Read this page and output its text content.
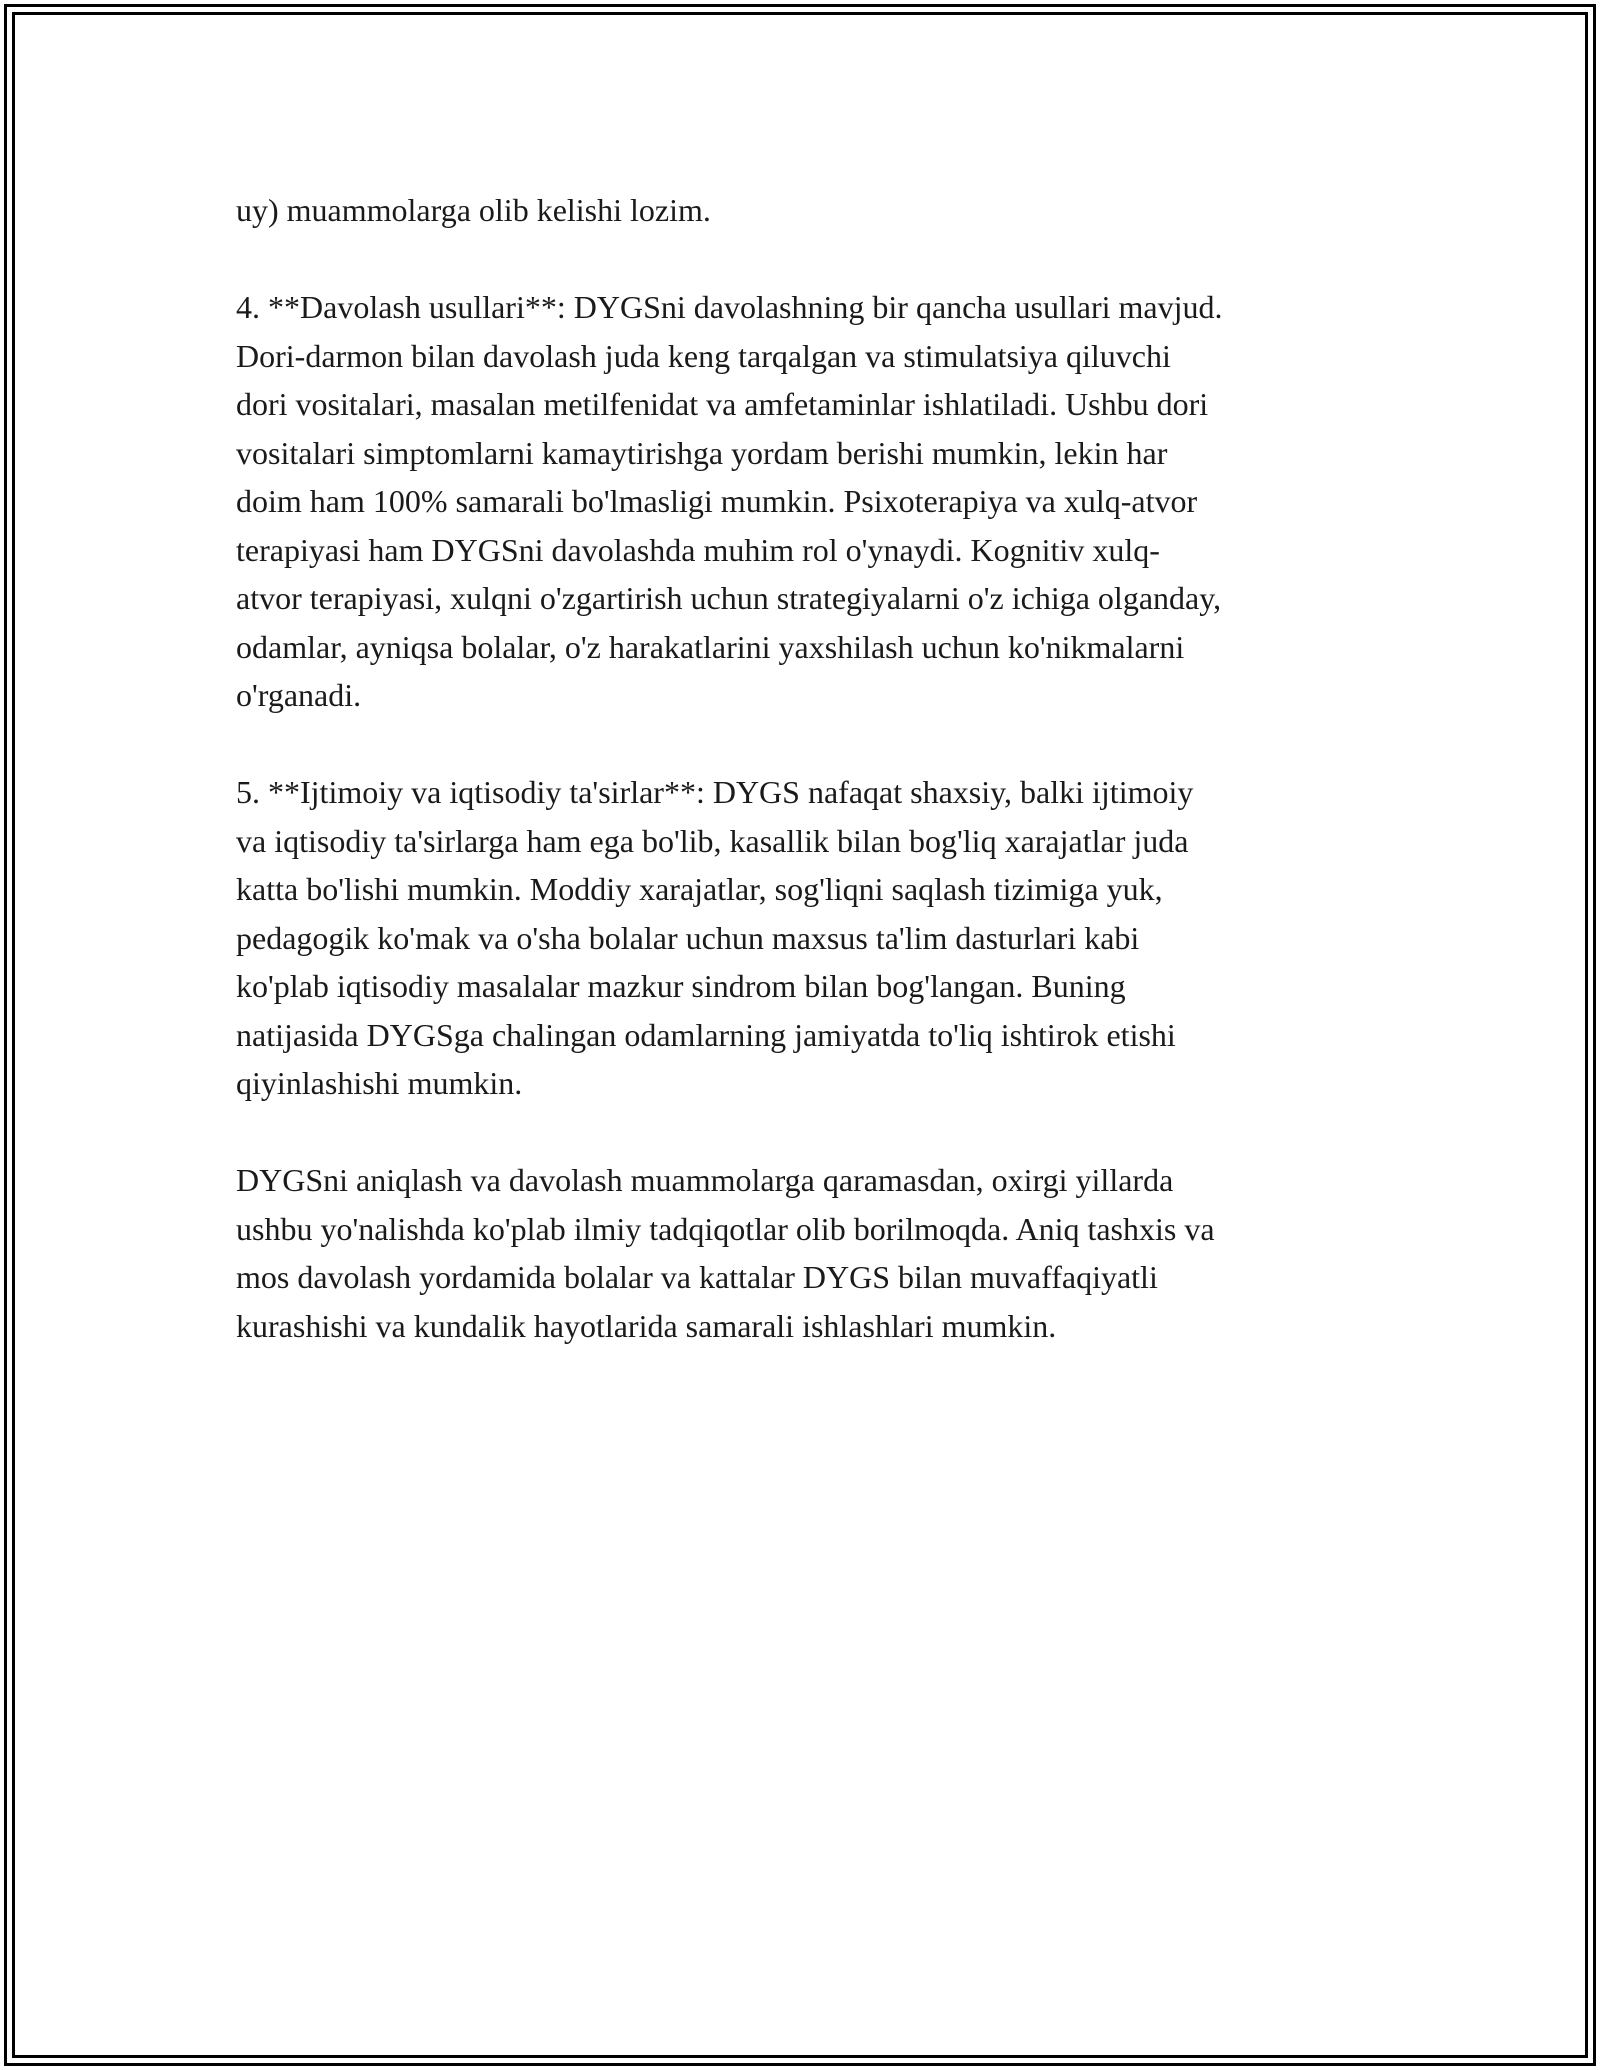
uy) muammolarga olib kelishi lozim.

4. **Davolash usullari**: DYGSni davolashning bir qancha usullari mavjud.
Dori-darmon bilan davolash juda keng tarqalgan va stimulatsiya qiluvchi
dori vositalari, masalan metilfenidat va amfetaminlar ishlatiladi. Ushbu dori
vositalari simptomlarni kamaytirishga yordam berishi mumkin, lekin har
doim ham 100% samarali bo'lmasligi mumkin. Psixoterapiya va xulq-atvor
terapiyasi ham DYGSni davolashda muhim rol o'ynaydi. Kognitiv xulq-
atvor terapiyasi, xulqni o'zgartirish uchun strategiyalarni o'z ichiga olganday,
odamlar, ayniqsa bolalar, o'z harakatlarini yaxshilash uchun ko'nikmalarni
o'rganadi.

5. **Ijtimoiy va iqtisodiy ta'sirlar**: DYGS nafaqat shaxsiy, balki ijtimoiy
va iqtisodiy ta'sirlarga ham ega bo'lib, kasallik bilan bog'liq xarajatlar juda
katta bo'lishi mumkin. Moddiy xarajatlar, sog'liqni saqlash tizimiga yuk,
pedagogik ko'mak va o'sha bolalar uchun maxsus ta'lim dasturlari kabi
ko'plab iqtisodiy masalalar mazkur sindrom bilan bog'langan. Buning
natijasida DYGSga chalingan odamlarning jamiyatda to'liq ishtirok etishi
qiyinlashishi mumkin.

DYGSni aniqlash va davolash muammolarga qaramasdan, oxirgi yillarda
ushbu yo'nalishda ko'plab ilmiy tadqiqotlar olib borilmoqda. Aniq tashxis va
mos davolash yordamida bolalar va kattalar DYGS bilan muvaffaqiyatli
kurashishi va kundalik hayotlarida samarali ishlashlari mumkin.
